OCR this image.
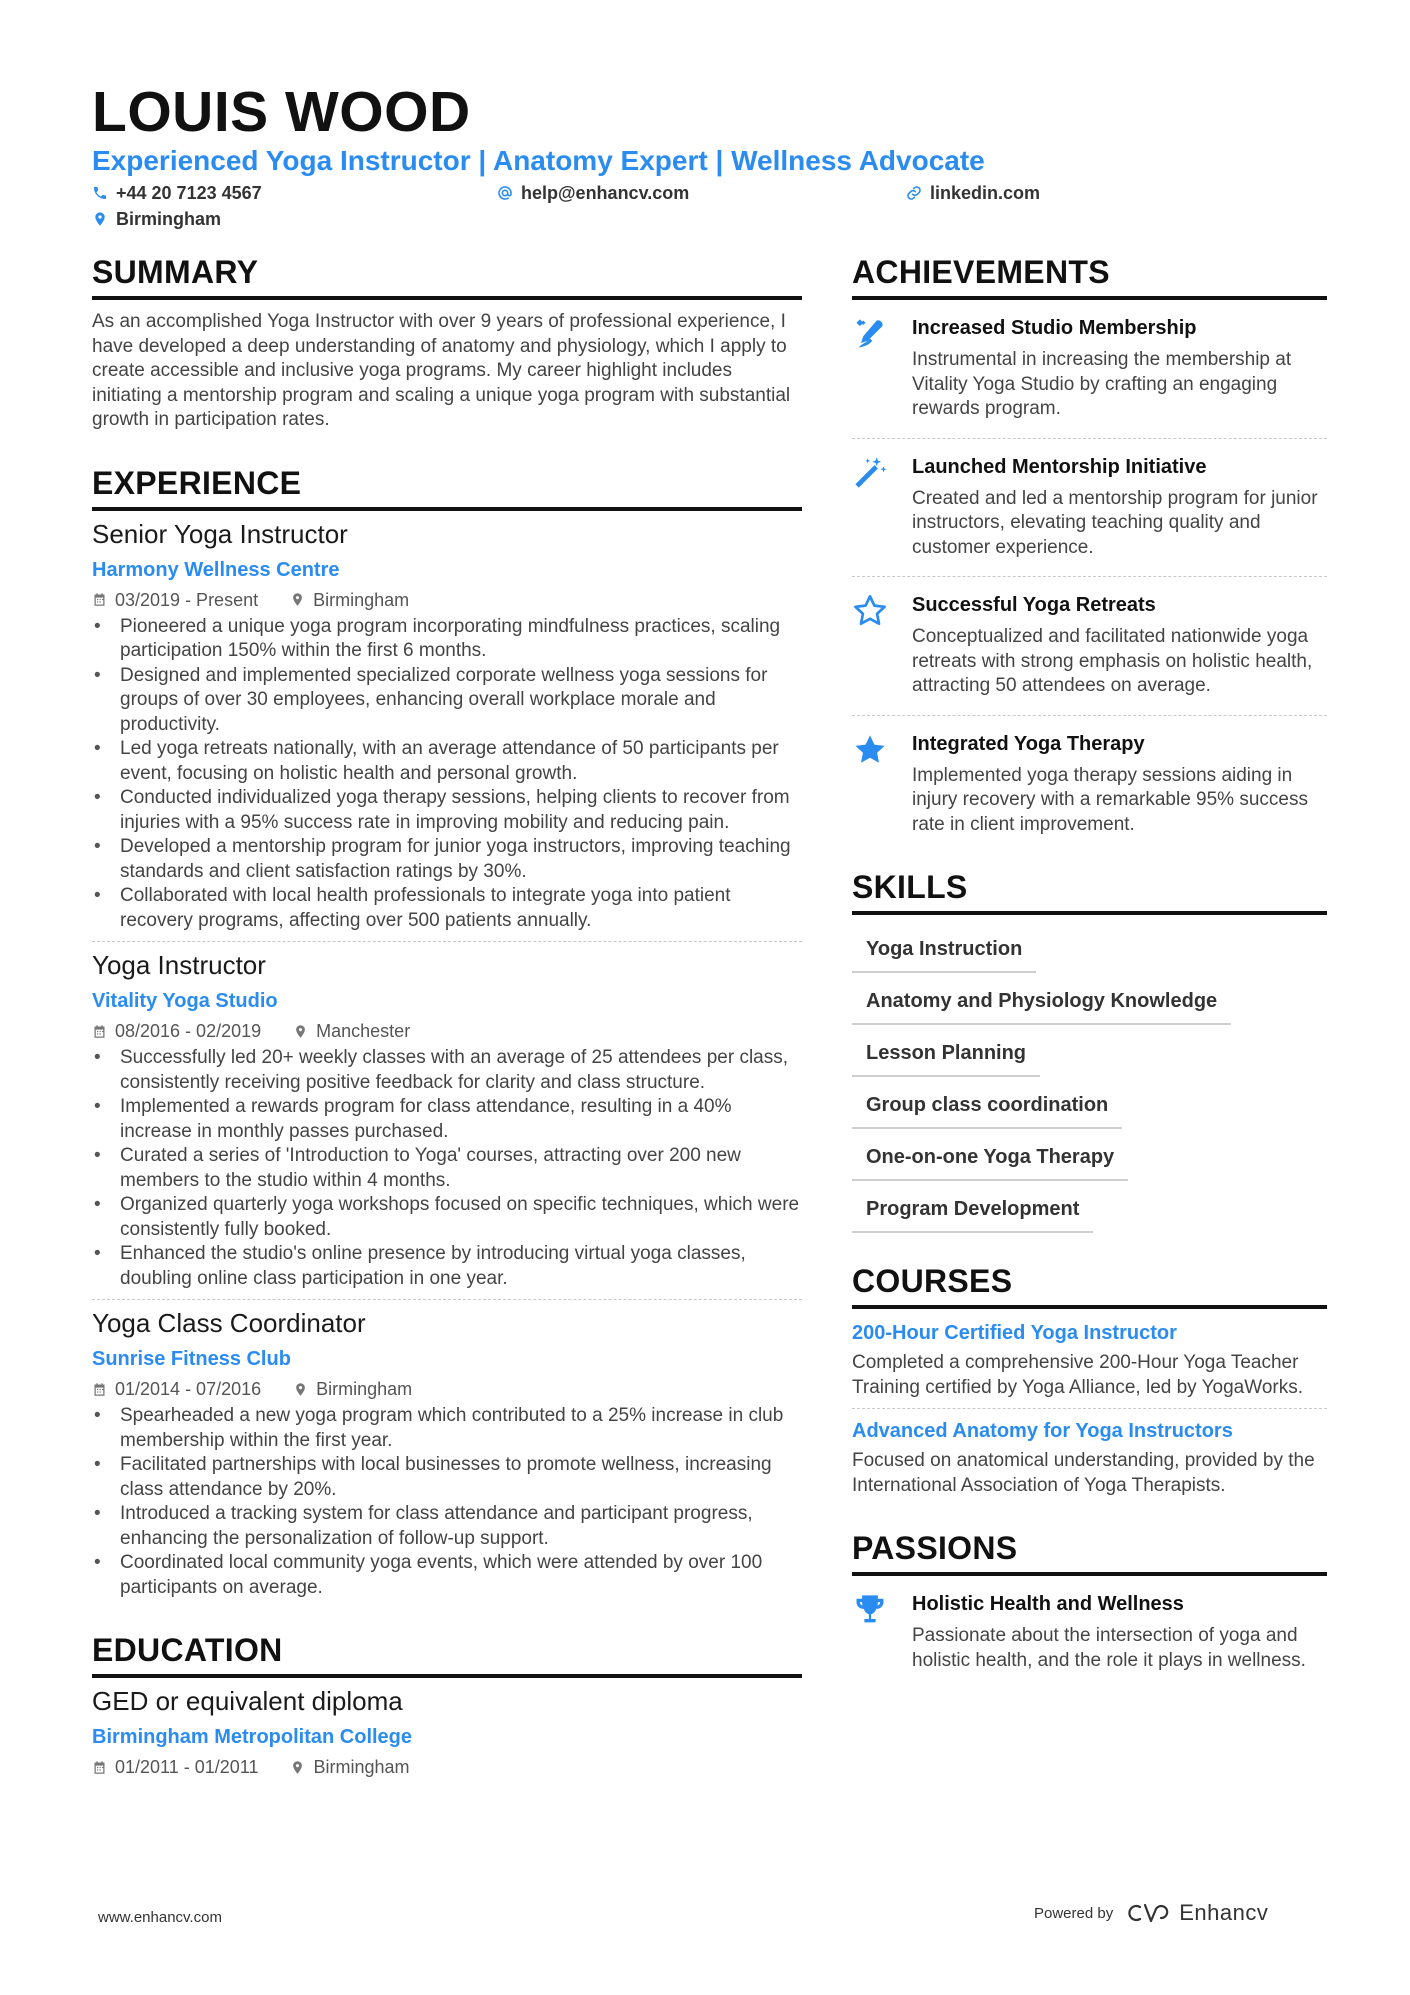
LOUIS WOOD
Experienced Yoga Instructor | Anatomy Expert | Wellness Advocate
+44 20 7123 4567	help@enhancv.com	linkedin.com
Birmingham
SUMMARY
As an accomplished Yoga Instructor with over 9 years of professional experience, I have developed a deep understanding of anatomy and physiology, which I apply to create accessible and inclusive yoga programs. My career highlight includes initiating a mentorship program and scaling a unique yoga program with substantial growth in participation rates.
EXPERIENCE
Senior Yoga Instructor
Harmony Wellness Centre
03/2019 - Present	Birmingham
• Pioneered a unique yoga program incorporating mindfulness practices, scaling participation 150% within the first 6 months.
• Designed and implemented specialized corporate wellness yoga sessions for groups of over 30 employees, enhancing overall workplace morale and productivity.
• Led yoga retreats nationally, with an average attendance of 50 participants per event, focusing on holistic health and personal growth.
• Conducted individualized yoga therapy sessions, helping clients to recover from injuries with a 95% success rate in improving mobility and reducing pain.
• Developed a mentorship program for junior yoga instructors, improving teaching standards and client satisfaction ratings by 30%.
• Collaborated with local health professionals to integrate yoga into patient recovery programs, affecting over 500 patients annually.
Yoga Instructor
Vitality Yoga Studio
08/2016 - 02/2019	Manchester
• Successfully led 20+ weekly classes with an average of 25 attendees per class, consistently receiving positive feedback for clarity and class structure.
• Implemented a rewards program for class attendance, resulting in a 40% increase in monthly passes purchased.
• Curated a series of 'Introduction to Yoga' courses, attracting over 200 new members to the studio within 4 months.
• Organized quarterly yoga workshops focused on specific techniques, which were consistently fully booked.
• Enhanced the studio's online presence by introducing virtual yoga classes, doubling online class participation in one year.
Yoga Class Coordinator
Sunrise Fitness Club
01/2014 - 07/2016	Birmingham
• Spearheaded a new yoga program which contributed to a 25% increase in club membership within the first year.
• Facilitated partnerships with local businesses to promote wellness, increasing class attendance by 20%.
• Introduced a tracking system for class attendance and participant progress, enhancing the personalization of follow-up support.
• Coordinated local community yoga events, which were attended by over 100 participants on average.
EDUCATION
GED or equivalent diploma
Birmingham Metropolitan College
01/2011 - 01/2011	Birmingham
ACHIEVEMENTS
Increased Studio Membership
Instrumental in increasing the membership at Vitality Yoga Studio by crafting an engaging rewards program.
Launched Mentorship Initiative
Created and led a mentorship program for junior instructors, elevating teaching quality and customer experience.
Successful Yoga Retreats
Conceptualized and facilitated nationwide yoga retreats with strong emphasis on holistic health, attracting 50 attendees on average.
Integrated Yoga Therapy
Implemented yoga therapy sessions aiding in injury recovery with a remarkable 95% success rate in client improvement.
SKILLS
Yoga Instruction
Anatomy and Physiology Knowledge
Lesson Planning
Group class coordination
One-on-one Yoga Therapy
Program Development
COURSES
200-Hour Certified Yoga Instructor
Completed a comprehensive 200-Hour Yoga Teacher Training certified by Yoga Alliance, led by YogaWorks.
Advanced Anatomy for Yoga Instructors
Focused on anatomical understanding, provided by the International Association of Yoga Therapists.
PASSIONS
Holistic Health and Wellness
Passionate about the intersection of yoga and holistic health, and the role it plays in wellness.
www.enhancv.com	Powered by	Enhancv
